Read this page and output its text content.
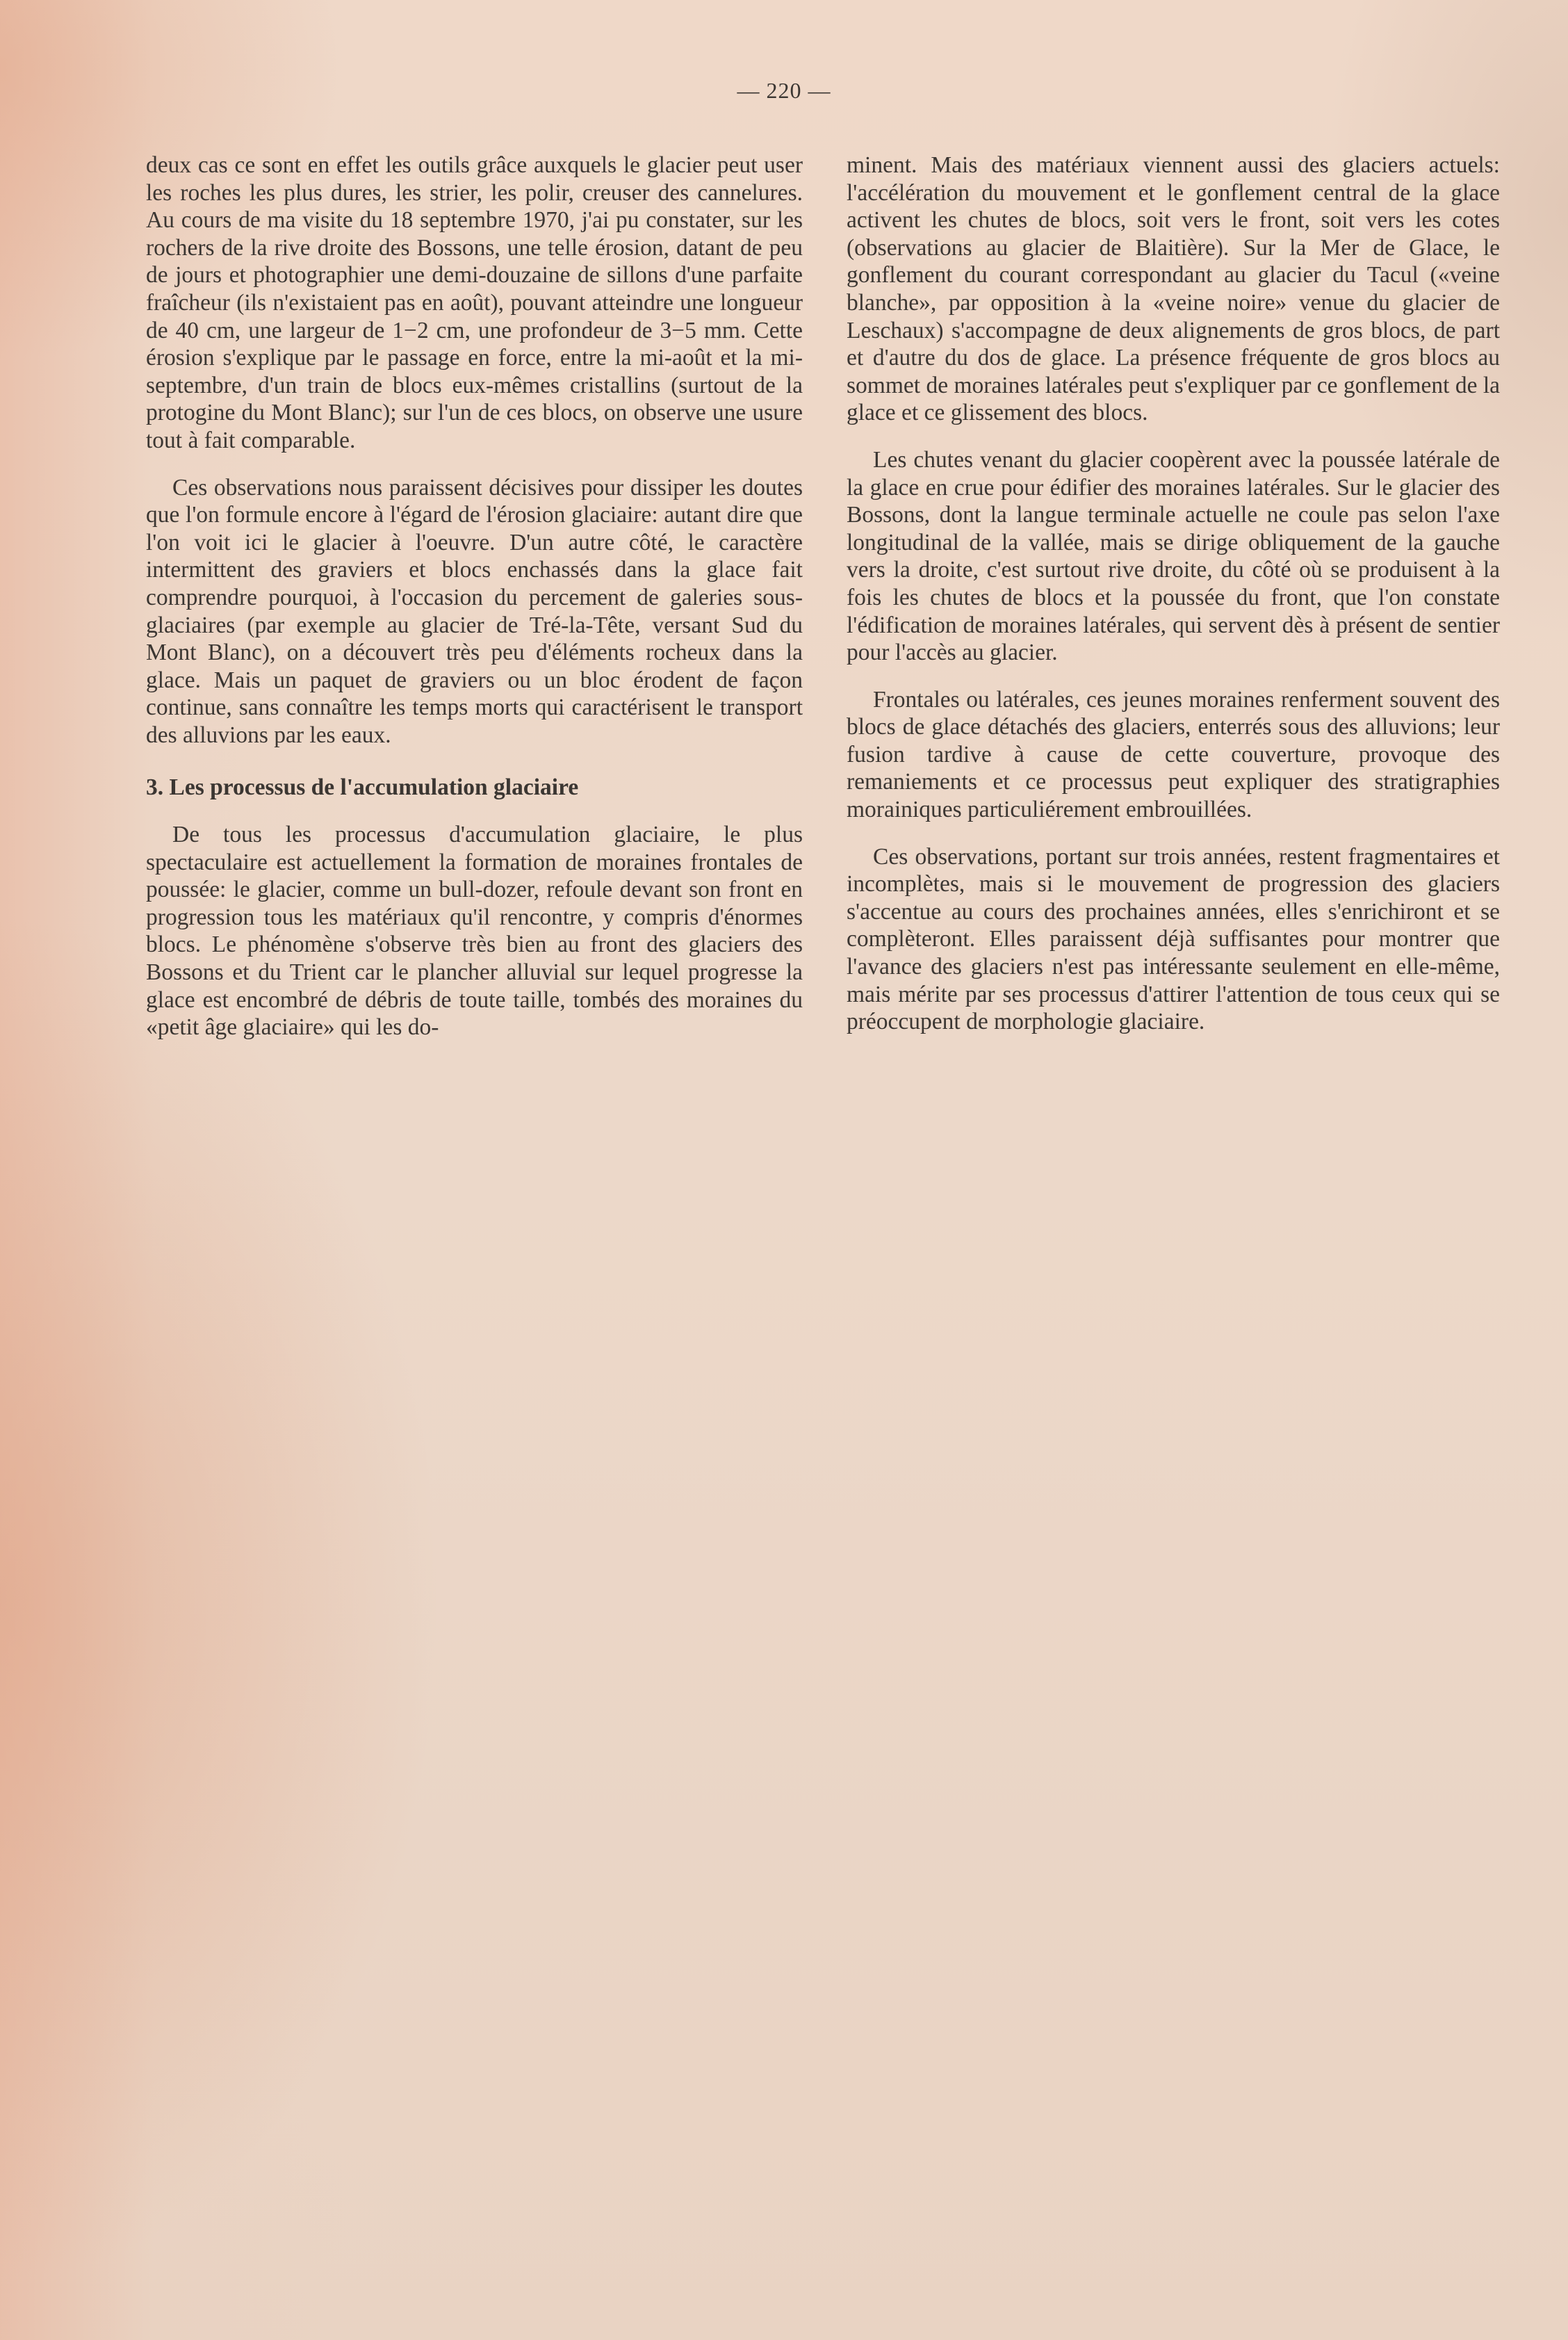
— 220 —

deux cas ce sont en effet les outils grâce auxquels le glacier peut user les roches les plus dures, les strier, les polir, creuser des cannelures. Au cours de ma visite du 18 septembre 1970, j'ai pu constater, sur les rochers de la rive droite des Bossons, une telle érosion, datant de peu de jours et photographier une demi-douzaine de sillons d'une parfaite fraîcheur (ils n'existaient pas en août), pouvant atteindre une longueur de 40 cm, une largeur de 1−2 cm, une profondeur de 3−5 mm. Cette érosion s'explique par le passage en force, entre la mi-août et la mi-septembre, d'un train de blocs eux-mêmes cristallins (surtout de la protogine du Mont Blanc); sur l'un de ces blocs, on observe une usure tout à fait comparable.

Ces observations nous paraissent décisives pour dissiper les doutes que l'on formule encore à l'égard de l'érosion glaciaire: autant dire que l'on voit ici le glacier à l'oeuvre. D'un autre côté, le caractère intermittent des graviers et blocs enchassés dans la glace fait comprendre pourquoi, à l'occasion du percement de galeries sous-glaciaires (par exemple au glacier de Tré-la-Tête, versant Sud du Mont Blanc), on a découvert très peu d'éléments rocheux dans la glace. Mais un paquet de graviers ou un bloc érodent de façon continue, sans connaître les temps morts qui caractérisent le transport des alluvions par les eaux.

3. Les processus de l'accumulation glaciaire

De tous les processus d'accumulation glaciaire, le plus spectaculaire est actuellement la formation de moraines frontales de poussée: le glacier, comme un bull-dozer, refoule devant son front en progression tous les matériaux qu'il rencontre, y compris d'énormes blocs. Le phénomène s'observe très bien au front des glaciers des Bossons et du Trient car le plancher alluvial sur lequel progresse la glace est encombré de débris de toute taille, tombés des moraines du «petit âge glaciaire» qui les do-

minent. Mais des matériaux viennent aussi des glaciers actuels: l'accélération du mouvement et le gonflement central de la glace activent les chutes de blocs, soit vers le front, soit vers les cotes (observations au glacier de Blaitière). Sur la Mer de Glace, le gonflement du courant correspondant au glacier du Tacul («veine blanche», par opposition à la «veine noire» venue du glacier de Leschaux) s'accompagne de deux alignements de gros blocs, de part et d'autre du dos de glace. La présence fréquente de gros blocs au sommet de moraines latérales peut s'expliquer par ce gonflement de la glace et ce glissement des blocs.

Les chutes venant du glacier coopèrent avec la poussée latérale de la glace en crue pour édifier des moraines latérales. Sur le glacier des Bossons, dont la langue terminale actuelle ne coule pas selon l'axe longitudinal de la vallée, mais se dirige obliquement de la gauche vers la droite, c'est surtout rive droite, du côté où se produisent à la fois les chutes de blocs et la poussée du front, que l'on constate l'édification de moraines latérales, qui servent dès à présent de sentier pour l'accès au glacier.

Frontales ou latérales, ces jeunes moraines renferment souvent des blocs de glace détachés des glaciers, enterrés sous des alluvions; leur fusion tardive à cause de cette couverture, provoque des remaniements et ce processus peut expliquer des stratigraphies morainiques particuliérement embrouillées.

Ces observations, portant sur trois années, restent fragmentaires et incomplètes, mais si le mouvement de progression des glaciers s'accentue au cours des prochaines années, elles s'enrichiront et se complèteront. Elles paraissent déjà suffisantes pour montrer que l'avance des glaciers n'est pas intéressante seulement en elle-même, mais mérite par ses processus d'attirer l'attention de tous ceux qui se préoccupent de morphologie glaciaire.
